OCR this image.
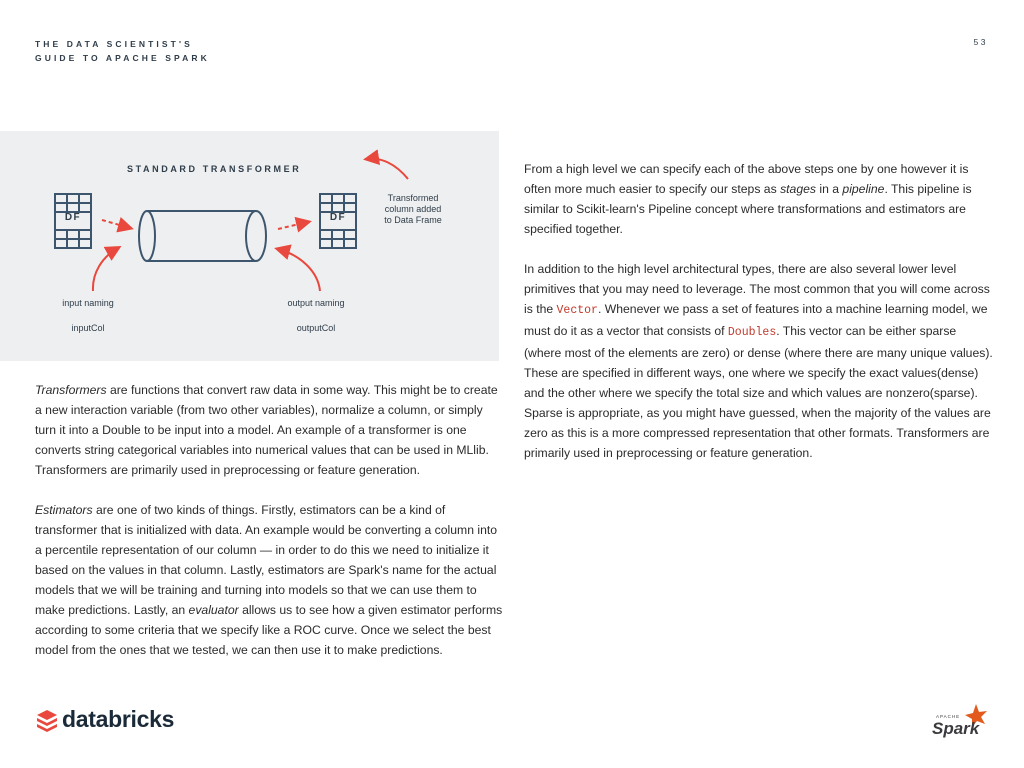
THE DATA SCIENTIST'S
GUIDE TO APACHE SPARK
53
STANDARD TRANSFORMER
DF	DF
Transformed
column added
to Data Frame
input naming
inputCol
output naming
outputCol

Transformers are functions that convert raw data in some way. This might be to create a new interaction variable (from two other variables), normalize a column, or simply turn it into a Double to be input into a model. An example of a transformer is one converts string categorical variables into numerical values that can be used in MLlib. Transformers are primarily used in preprocessing or feature generation.

Estimators are one of two kinds of things. Firstly, estimators can be a kind of transformer that is initialized with data. An example would be converting a column into a percentile representation of our column — in order to do this we need to initialize it based on the values in that column. Lastly, estimators are Spark's name for the actual models that we will be training and turning into models so that we can use them to make predictions. Lastly, an evaluator allows us to see how a given estimator performs according to some criteria that we specify like a ROC curve. Once we select the best model from the ones that we tested, we can then use it to make predictions.

From a high level we can specify each of the above steps one by one however it is often more much easier to specify our steps as stages in a pipeline. This pipeline is similar to Scikit-learn's Pipeline concept where transformations and estimators are specified together.

In addition to the high level architectural types, there are also several lower level primitives that you may need to leverage. The most common that you will come across is the Vector. Whenever we pass a set of features into a machine learning model, we must do it as a vector that consists of Doubles. This vector can be either sparse (where most of the elements are zero) or dense (where there are many unique values). These are specified in different ways, one where we specify the exact values(dense) and the other where we specify the total size and which values are nonzero(sparse). Sparse is appropriate, as you might have guessed, when the majority of the values are zero as this is a more compressed representation that other formats. Transformers are primarily used in preprocessing or feature generation.

databricks	APACHE
Spark
